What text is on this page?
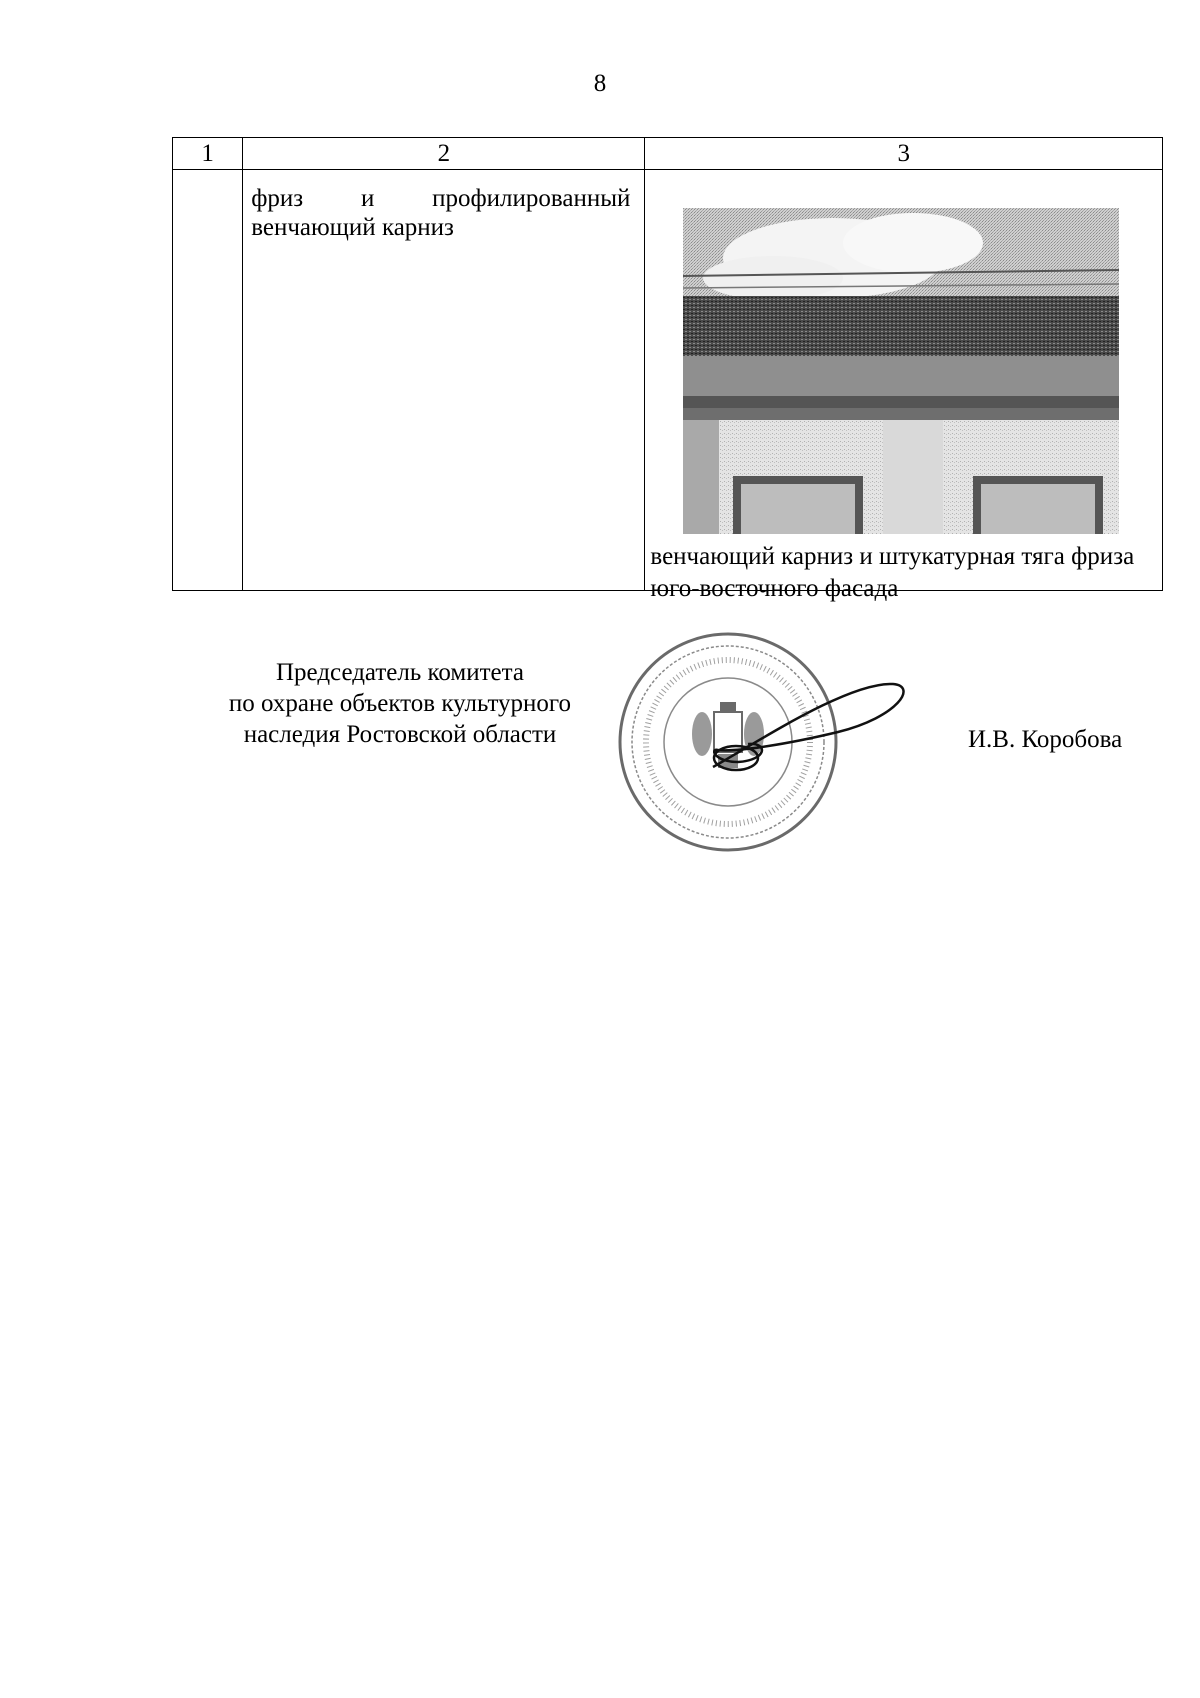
8
1	2	3
	фриз и профилированный венчающий карниз	венчающий карниз и штукатурная тяга фриза юго-восточного фасада
Председатель комитета
по охране объектов культурного
наследия Ростовской области	И.В. Коробова
